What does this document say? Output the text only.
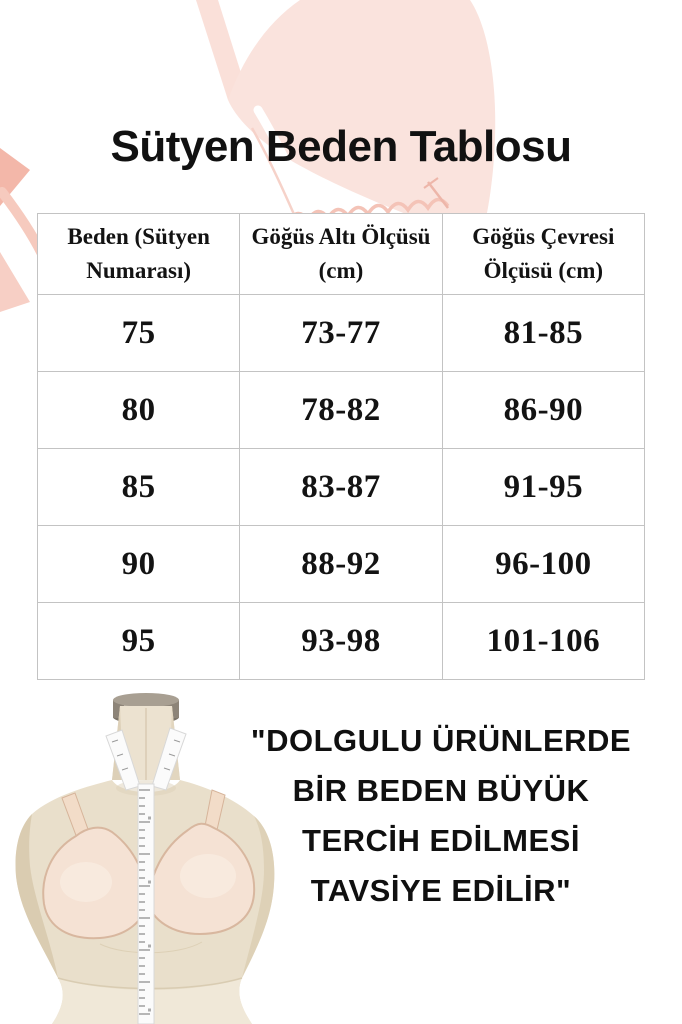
Sütyen Beden Tablosu
Beden (Sütyen Numarası)	Göğüs Altı Ölçüsü (cm)	Göğüs Çevresi Ölçüsü (cm)
75	73-77	81-85
80	78-82	86-90
85	83-87	91-95
90	88-92	96-100
95	93-98	101-106
"DOLGULU ÜRÜNLERDE
BİR BEDEN BÜYÜK
TERCİH EDİLMESİ
TAVSİYE EDİLİR"
